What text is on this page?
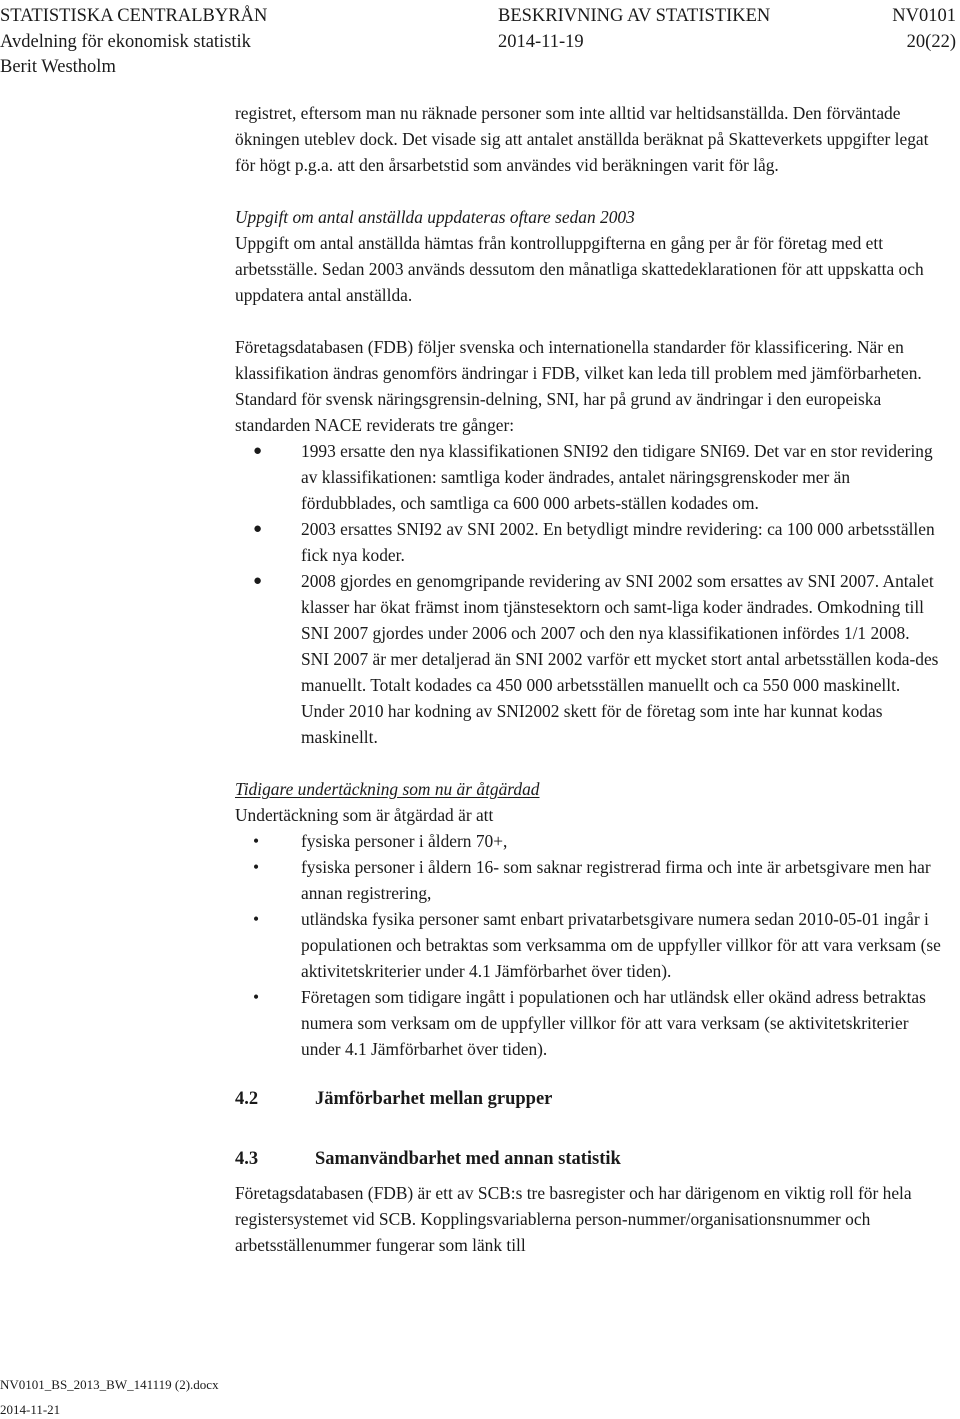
STATISTISKA CENTRALBYRÅN	BESKRIVNING AV STATISTIKEN	NV0101
Avdelning för ekonomisk statistik	2014-11-19	20(22)
Berit Westholm

registret, eftersom man nu räknade personer som inte alltid var heltidsanställda. Den förväntade ökningen uteblev dock. Det visade sig att antalet anställda beräknat på Skatteverkets uppgifter legat för högt p.g.a. att den årsarbetstid som användes vid beräkningen varit för låg.

Uppgift om antal anställda uppdateras oftare sedan 2003

Uppgift om antal anställda hämtas från kontrolluppgifterna en gång per år för företag med ett arbetsställe. Sedan 2003 används dessutom den månatliga skattedeklarationen för att uppskatta och uppdatera antal anställda.

Företagsdatabasen (FDB) följer svenska och internationella standarder för klassificering. När en klassifikation ändras genomförs ändringar i FDB, vilket kan leda till problem med jämförbarheten. Standard för svensk näringsgrensin-delning, SNI, har på grund av ändringar i den europeiska standarden NACE reviderats tre gånger:

● 1993 ersatte den nya klassifikationen SNI92 den tidigare SNI69. Det var en stor revidering av klassifikationen: samtliga koder ändrades, antalet näringsgrenskoder mer än fördubblades, och samtliga ca 600 000 arbets-ställen kodades om.
● 2003 ersattes SNI92 av SNI 2002. En betydligt mindre revidering: ca 100 000 arbetsställen fick nya koder.
● 2008 gjordes en genomgripande revidering av SNI 2002 som ersattes av SNI 2007. Antalet klasser har ökat främst inom tjänstesektorn och samt-liga koder ändrades. Omkodning till SNI 2007 gjordes under 2006 och 2007 och den nya klassifikationen infördes 1/1 2008. SNI 2007 är mer detaljerad än SNI 2002 varför ett mycket stort antal arbetsställen koda-des manuellt. Totalt kodades ca 450 000 arbetsställen manuellt och ca 550 000 maskinellt. Under 2010 har kodning av SNI2002 skett för de företag som inte har kunnat kodas maskinellt.

Tidigare undertäckning som nu är åtgärdad

Undertäckning som är åtgärdad är att

• fysiska personer i åldern 70+,
• fysiska personer i åldern 16- som saknar registrerad firma och inte är arbetsgivare men har annan registrering,
• utländska fysika personer samt enbart privatarbetsgivare numera sedan 2010-05-01 ingår i populationen och betraktas som verksamma om de uppfyller villkor för att vara verksam (se aktivitetskriterier under 4.1 Jämförbarhet över tiden).
• Företagen som tidigare ingått i populationen och har utländsk eller okänd adress betraktas numera som verksam om de uppfyller villkor för att vara verksam (se aktivitetskriterier under 4.1 Jämförbarhet över tiden).

4.2	Jämförbarhet mellan grupper

4.3	Samanvändbarhet med annan statistik

Företagsdatabasen (FDB) är ett av SCB:s tre basregister och har därigenom en viktig roll för hela registersystemet vid SCB. Kopplingsvariablerna person-nummer/organisationsnummer och arbetsställenummer fungerar som länk till

NV0101_BS_2013_BW_141119 (2).docx
2014-11-21
